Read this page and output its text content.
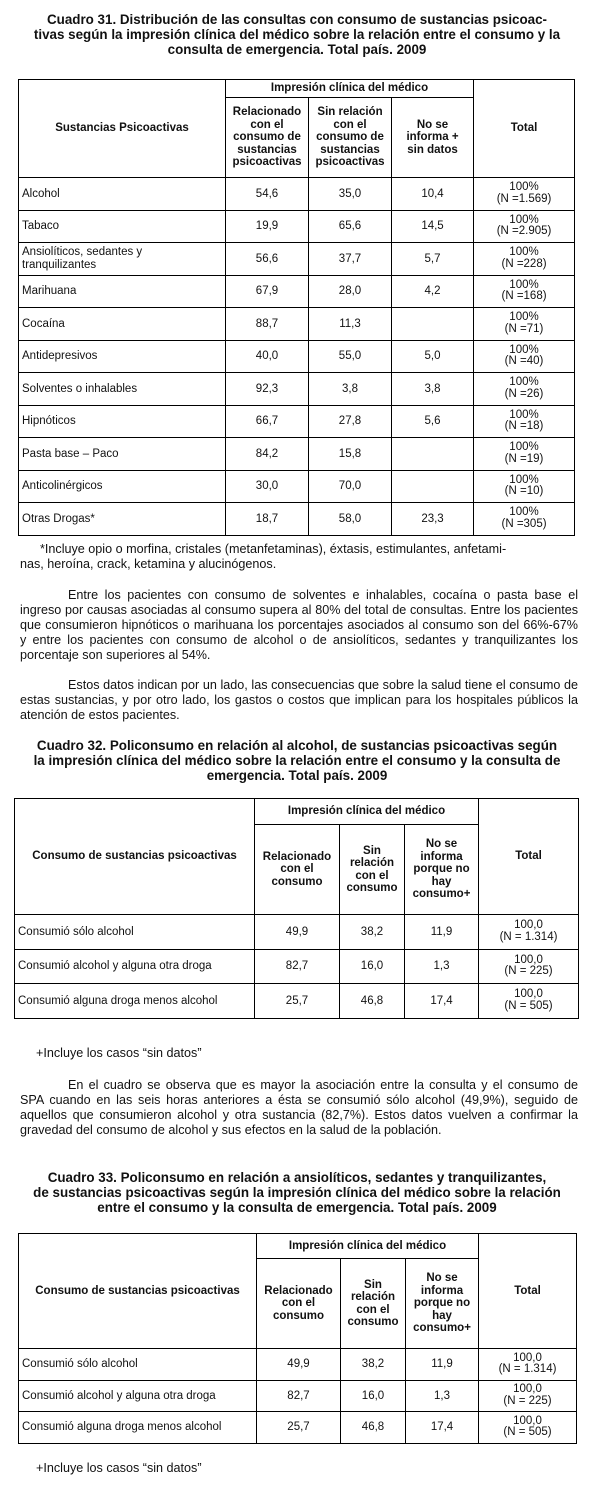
Cuadro 31. Distribución de las consultas con consumo de sustancias psicoac-
tivas según la impresión clínica del médico sobre la relación entre el consumo y la
consulta de emergencia. Total país. 2009
Sustancias Psicoactivas	Impresión clínica del médico			Total
	Relacionado
con el
consumo de
sustancias
psicoactivas	Sin relación
con el
consumo de
sustancias
psicoactivas	No se
informa +
sin datos	
Alcohol	54,6	35,0	10,4	100%
(N =1.569)
Tabaco	19,9	65,6	14,5	100%
(N =2.905)
Ansiolíticos, sedantes y
tranquilizantes	56,6	37,7	5,7	100%
(N =228)
Marihuana	67,9	28,0	4,2	100%
(N =168)
Cocaína	88,7	11,3		100%
(N =71)
Antidepresivos	40,0	55,0	5,0	100%
(N =40)
Solventes o inhalables	92,3	3,8	3,8	100%
(N =26)
Hipnóticos	66,7	27,8	5,6	100%
(N =18)
Pasta base – Paco	84,2	15,8		100%
(N =19)
Anticolinérgicos	30,0	70,0		100%
(N =10)
Otras Drogas*	18,7	58,0	23,3	100%
(N =305)
*Incluye opio o morfina, cristales (metanfetaminas), éxtasis, estimulantes, anfetami-
nas, heroína, crack, ketamina y alucinógenos.
Entre los pacientes con consumo de solventes e inhalables, cocaína o pasta base el ingreso por causas asociadas al consumo supera al 80% del total de consultas. Entre los pacientes que consumieron hipnóticos o marihuana los porcentajes asociados al consumo son del 66%-67% y entre los pacientes con consumo de alcohol o de ansiolíticos, sedantes y tranquilizantes los porcentaje son superiores al 54%.
Estos datos indican por un lado, las consecuencias que sobre la salud tiene el consumo de estas sustancias, y por otro lado, los gastos o costos que implican para los hospitales públicos la atención de estos pacientes.
Cuadro 32. Policonsumo en relación al alcohol, de sustancias psicoactivas según
la impresión clínica del médico sobre la relación entre el consumo y la consulta de
emergencia. Total país. 2009
Consumo de sustancias psicoactivas	Impresión clínica del médico			Total
	Relacionado
con el
consumo	Sin
relación
con el
consumo	No se
informa
porque no
hay
consumo+	
Consumió sólo alcohol	49,9	38,2	11,9	100,0
(N = 1.314)
Consumió alcohol y alguna otra droga	82,7	16,0	1,3	100,0
(N = 225)
Consumió alguna droga menos alcohol	25,7	46,8	17,4	100,0
(N = 505)
+Incluye los casos “sin datos”
En el cuadro se observa que es mayor la asociación entre la consulta y el consumo de SPA cuando en las seis horas anteriores a ésta se consumió sólo alcohol (49,9%), seguido de aquellos que consumieron alcohol y otra sustancia (82,7%). Estos datos vuelven a confirmar la gravedad del consumo de alcohol y sus efectos en la salud de la población.
Cuadro 33. Policonsumo en relación a ansiolíticos, sedantes y tranquilizantes,
de sustancias psicoactivas según la impresión clínica del médico sobre la relación
entre el consumo y la consulta de emergencia. Total país. 2009
Consumo de sustancias psicoactivas	Impresión clínica del médico			Total
	Relacionado
con el
consumo	Sin
relación
con el
consumo	No se
informa
porque no
hay
consumo+	
Consumió sólo alcohol	49,9	38,2	11,9	100,0
(N = 1.314)
Consumió alcohol y alguna otra droga	82,7	16,0	1,3	100,0
(N = 225)
Consumió alguna droga menos alcohol	25,7	46,8	17,4	100,0
(N = 505)
+Incluye los casos “sin datos”
